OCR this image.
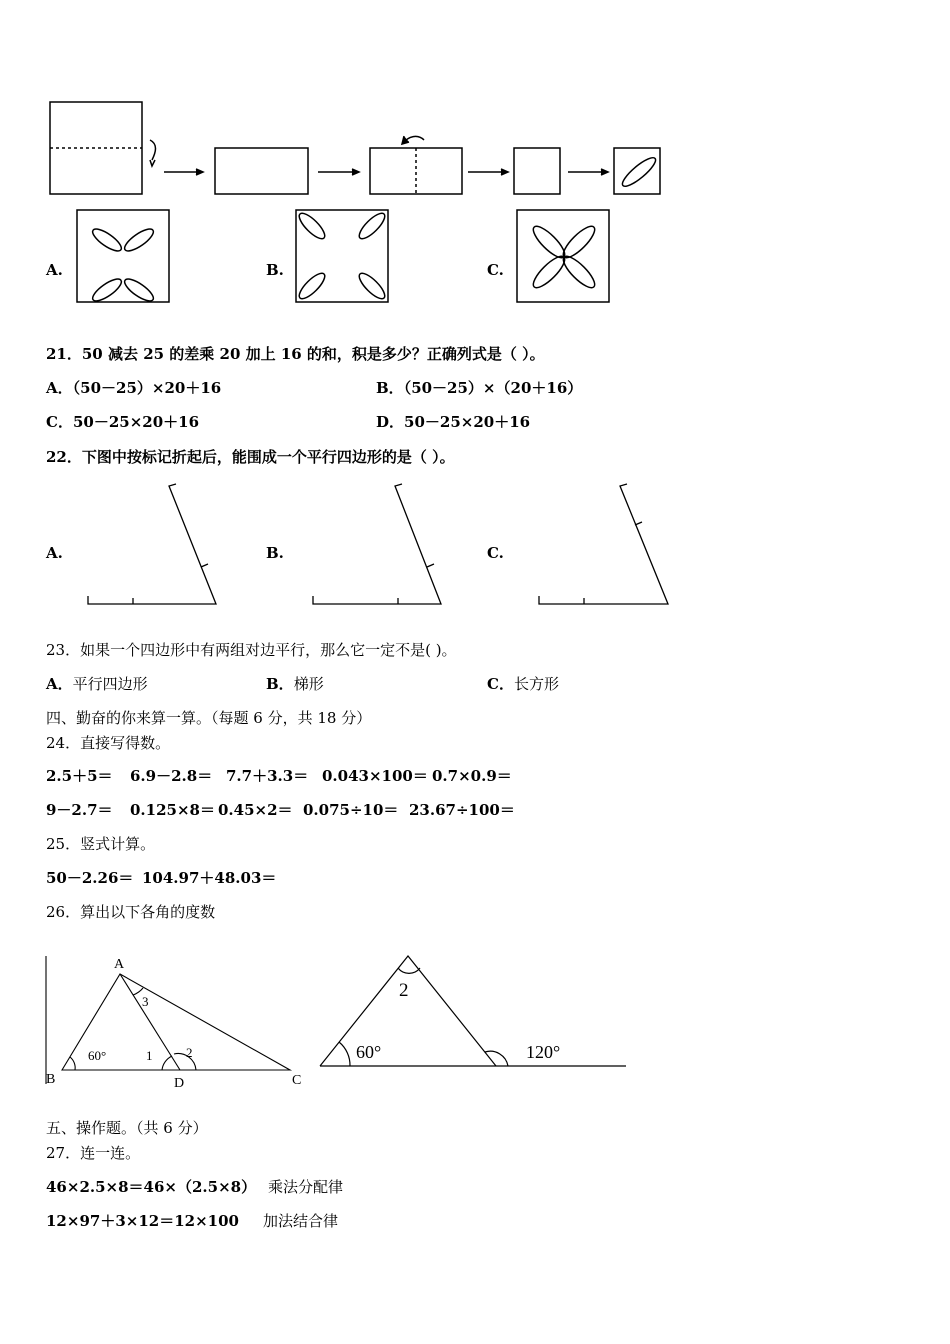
A.	B.	C.
21．50 减去 25 的差乘 20 加上 16 的和，积是多少？正确列式是（ ）。
A．（50－25）×20＋16	B．（50－25）×（20＋16）
C．50－25×20＋16	D．50－25×20＋16
22．下图中按标记折起后，能围成一个平行四边形的是（ ）。
A.	B.	C.
23．如果一个四边形中有两组对边平行，那么它一定不是( )。
A．平行四边形	B．梯形	C．长方形
四、勤奋的你来算一算。（每题 6 分，共 18 分）
24．直接写得数。
2.5＋5＝ 6.9－2.8＝ 7.7＋3.3＝ 0.043×100＝ 0.7×0.9＝
9－2.7＝ 0.125×8＝ 0.45×2＝ 0.075÷10＝ 23.67÷100＝
25．竖式计算。
50－2.26＝ 104.97＋48.03＝
26．算出以下各角的度数
A
B	C
D
60°	1	2
3
2
60°	120°
五、操作题。（共 6 分）
27．连一连。
46×2.5×8＝46×（2.5×8） 乘法分配律
12×97＋3×12＝12×100 加法结合律
